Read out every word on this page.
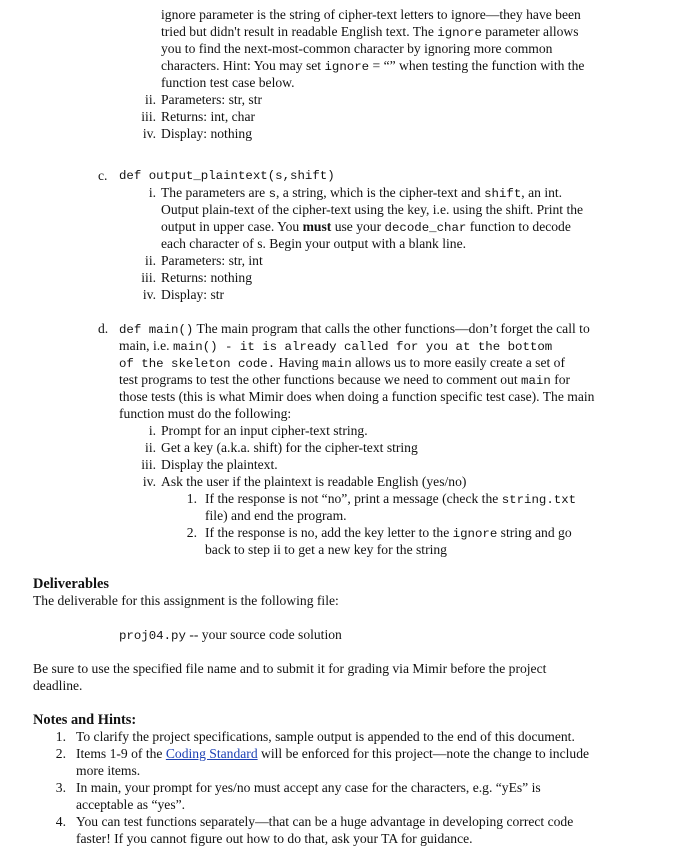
ignore parameter is the string of cipher-text letters to ignore—they have been
tried but didn't result in readable English text. The ignore parameter allows
you to find the next-most-common character by ignoring more common
characters. Hint: You may set ignore = “” when testing the function with the
function test case below.
ii. Parameters: str, str
iii. Returns: int, char
iv. Display: nothing
c. def output_plaintext(s,shift)
i. The parameters are s, a string, which is the cipher-text and shift, an int.
Output plain-text of the cipher-text using the key, i.e. using the shift. Print the
output in upper case. You must use your decode_char function to decode
each character of s. Begin your output with a blank line.
ii. Parameters: str, int
iii. Returns: nothing
iv. Display: str
d. def main() The main program that calls the other functions—don’t forget the call to
main, i.e. main() - it is already called for you at the bottom
of the skeleton code. Having main allows us to more easily create a set of
test programs to test the other functions because we need to comment out main for
those tests (this is what Mimir does when doing a function specific test case). The main
function must do the following:
i. Prompt for an input cipher-text string.
ii. Get a key (a.k.a. shift) for the cipher-text string
iii. Display the plaintext.
iv. Ask the user if the plaintext is readable English (yes/no)
1. If the response is not “no”, print a message (check the string.txt
file) and end the program.
2. If the response is no, add the key letter to the ignore string and go
back to step ii to get a new key for the string
Deliverables
The deliverable for this assignment is the following file:
proj04.py -- your source code solution
Be sure to use the specified file name and to submit it for grading via Mimir before the project
deadline.
Notes and Hints:
1. To clarify the project specifications, sample output is appended to the end of this document.
2. Items 1-9 of the Coding Standard will be enforced for this project—note the change to include
more items.
3. In main, your prompt for yes/no must accept any case for the characters, e.g. “yEs” is
acceptable as “yes”.
4. You can test functions separately—that can be a huge advantage in developing correct code
faster! If you cannot figure out how to do that, ask your TA for guidance.
